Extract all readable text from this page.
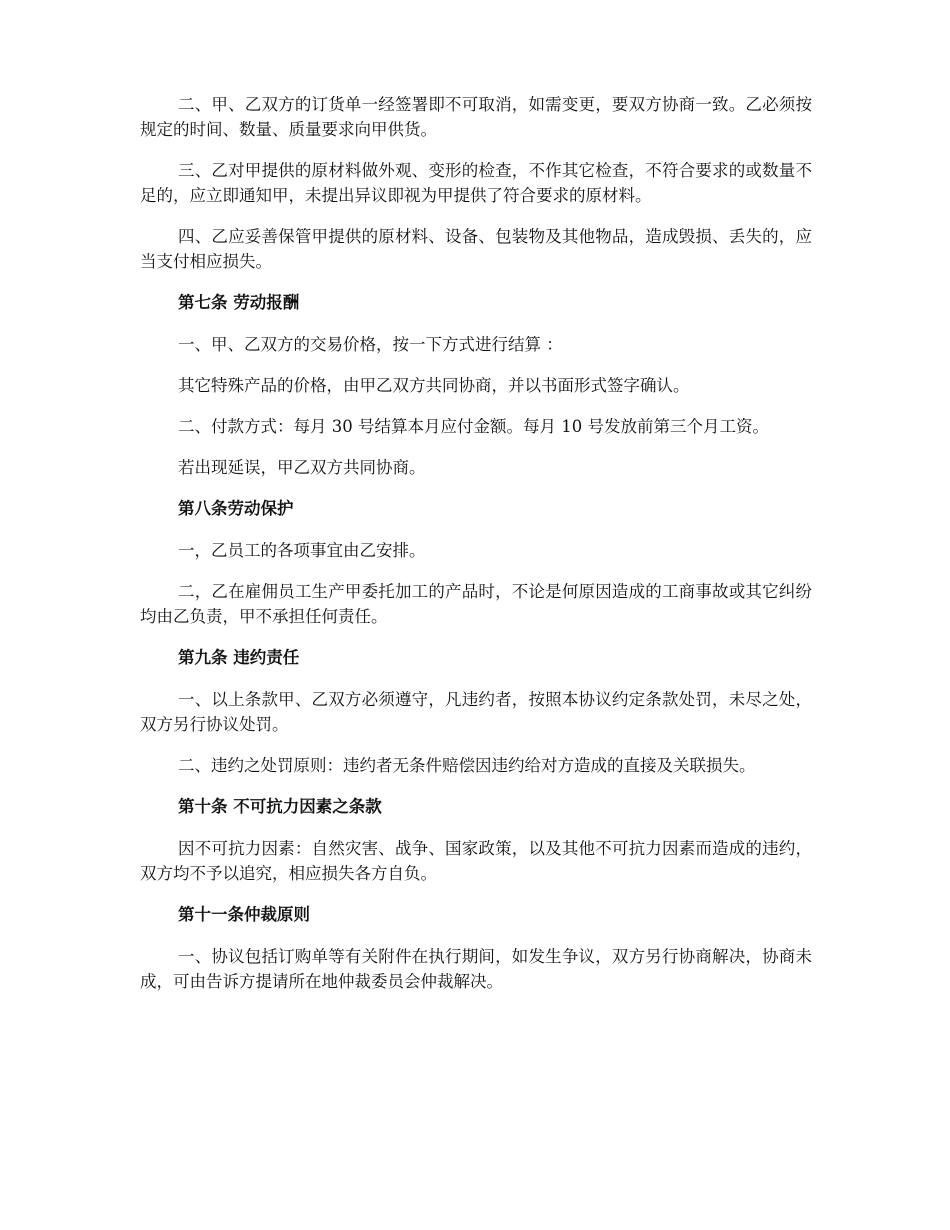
二、甲、乙双方的订货单一经签署即不可取消，如需变更，要双方协商一致。乙必须按规定的时间、数量、质量要求向甲供货。

三、乙对甲提供的原材料做外观、变形的检查，不作其它检查，不符合要求的或数量不足的，应立即通知甲，未提出异议即视为甲提供了符合要求的原材料。

四、乙应妥善保管甲提供的原材料、设备、包装物及其他物品，造成毁损、丢失的，应当支付相应损失。

第七条 劳动报酬

一、甲、乙双方的交易价格，按一下方式进行结算 ：

其它特殊产品的价格，由甲乙双方共同协商，并以书面形式签字确认。

二、付款方式：每月 30 号结算本月应付金额。每月 10 号发放前第三个月工资。

若出现延误，甲乙双方共同协商。

第八条劳动保护

一，乙员工的各项事宜由乙安排。

二，乙在雇佣员工生产甲委托加工的产品时，不论是何原因造成的工商事故或其它纠纷均由乙负责，甲不承担任何责任。

第九条 违约责任

一、以上条款甲、乙双方必须遵守，凡违约者，按照本协议约定条款处罚，未尽之处，双方另行协议处罚。

二、违约之处罚原则：违约者无条件赔偿因违约给对方造成的直接及关联损失。

第十条 不可抗力因素之条款

因不可抗力因素：自然灾害、战争、国家政策，以及其他不可抗力因素而造成的违约，双方均不予以追究，相应损失各方自负。

第十一条仲裁原则

一、协议包括订购单等有关附件在执行期间，如发生争议，双方另行协商解决，协商未成，可由告诉方提请所在地仲裁委员会仲裁解决。
